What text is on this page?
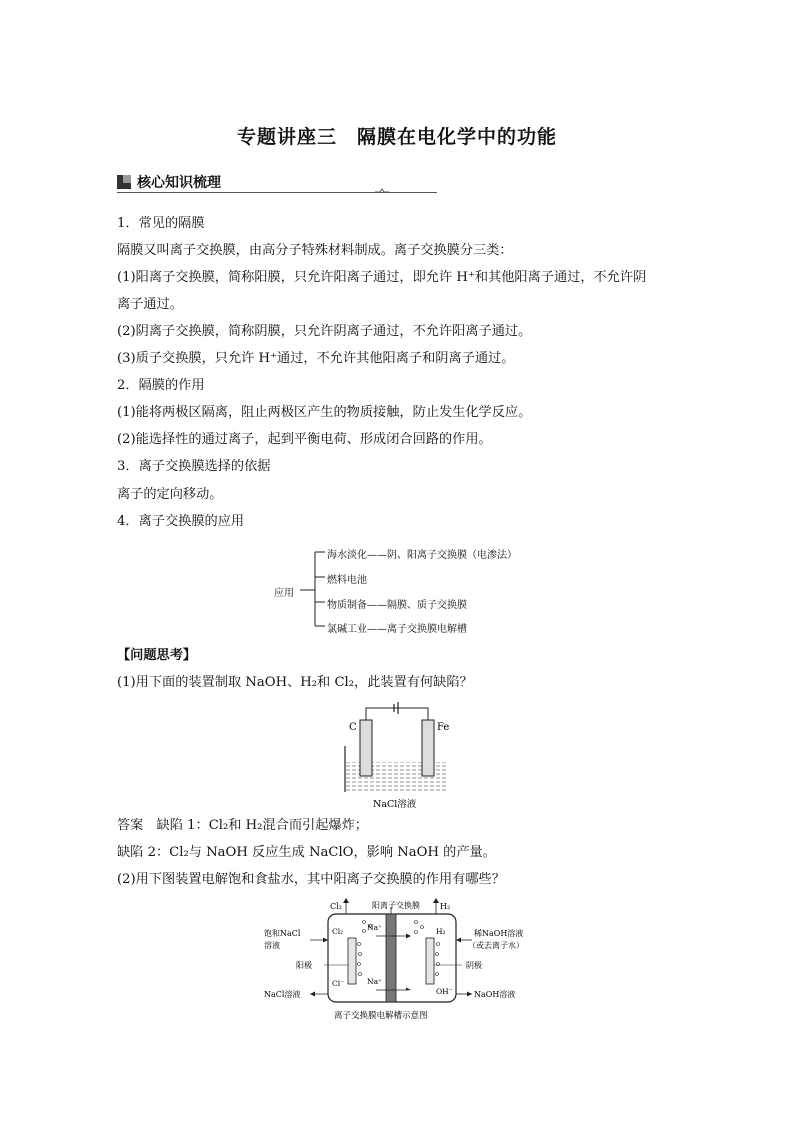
专题讲座三　隔膜在电化学中的功能
核心知识梳理
1．常见的隔膜
隔膜又叫离子交换膜，由高分子特殊材料制成。离子交换膜分三类：
(1)阳离子交换膜，简称阳膜，只允许阳离子通过，即允许 H⁺和其他阳离子通过，不允许阴
离子通过。
(2)阴离子交换膜，简称阴膜，只允许阴离子通过，不允许阳离子通过。
(3)质子交换膜，只允许 H⁺通过，不允许其他阳离子和阴离子通过。
2．隔膜的作用
(1)能将两极区隔离，阻止两极区产生的物质接触，防止发生化学反应。
(2)能选择性的通过离子，起到平衡电荷、形成闭合回路的作用。
3．离子交换膜选择的依据
离子的定向移动。
4．离子交换膜的应用
应用
海水淡化——阴、阳离子交换膜（电渗法）
燃料电池
物质制备——隔膜、质子交换膜
氯碱工业——离子交换膜电解槽
【问题思考】
(1)用下面的装置制取 NaOH、H₂和 Cl₂，此装置有何缺陷？
C	Fe
NaCl溶液
答案　缺陷 1：Cl₂和 H₂混合而引起爆炸；
缺陷 2：Cl₂与 NaOH 反应生成 NaClO，影响 NaOH 的产量。
(2)用下图装置电解饱和食盐水，其中阳离子交换膜的作用有哪些？
阳离子交换膜
Cl₂	H₂
Cl₂	Na⁺	H₂
Cl⁻	Na⁺
OH⁻
饱和NaCl
溶液
阳极
NaCl溶液
稀NaOH溶液
（或去离子水）
阴极
NaOH溶液
离子交换膜电解槽示意图
